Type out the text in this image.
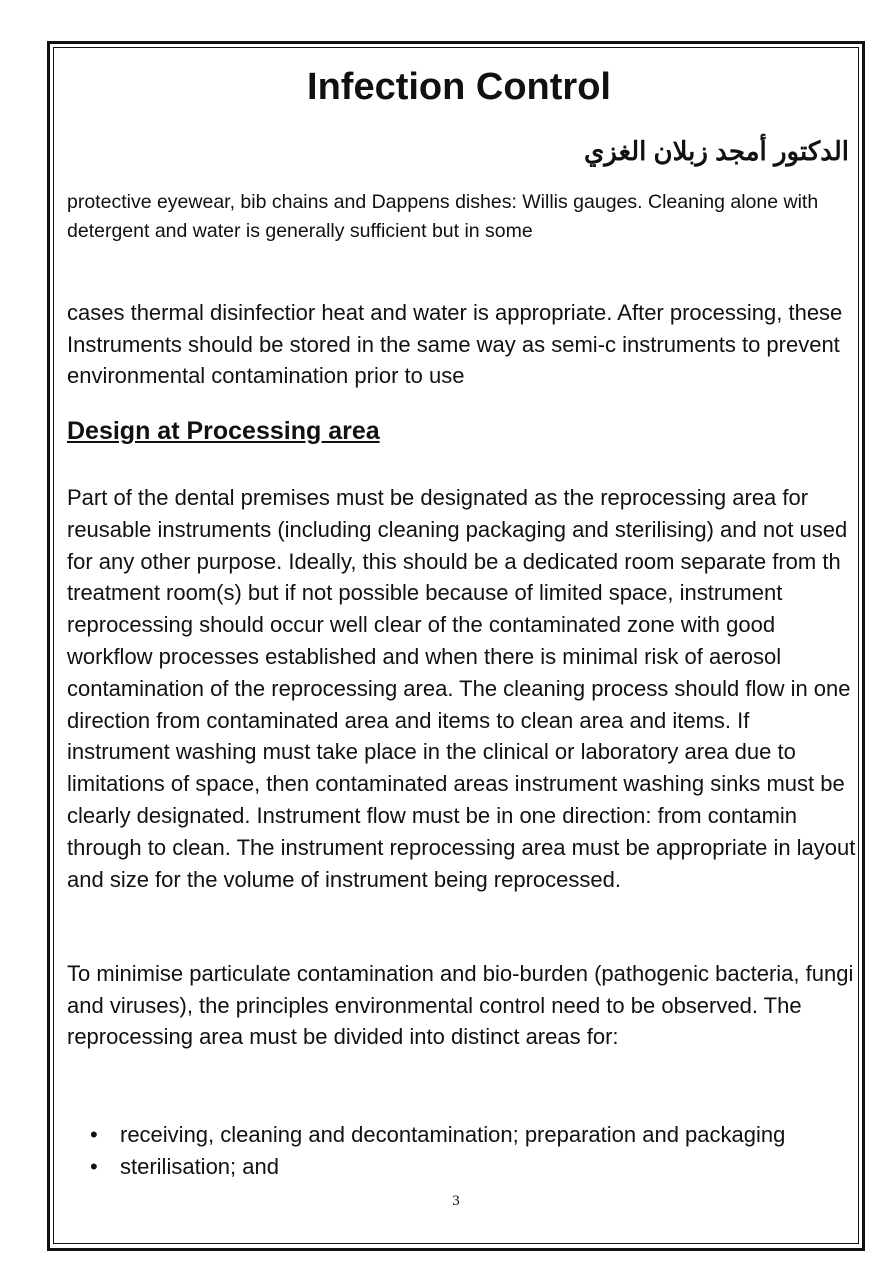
Infection Control

الدكتور أمجد زبلان الغزي

protective eyewear, bib chains and Dappens dishes: Willis gauges. Cleaning alone with detergent and water is generally sufficient but in some

cases thermal disinfectior heat and water is appropriate. After processing, these Instruments should be stored in the same way as semi-c instruments to prevent environmental contamination prior to use

Design at Processing area

Part of the dental premises must be designated as the reprocessing area for reusable instruments (including cleaning packaging and sterilising) and not used for any other purpose. Ideally, this should be a dedicated room separate from th treatment room(s) but if not possible because of limited space, instrument reprocessing should occur well clear of the contaminated zone with good workflow processes established and when there is minimal risk of aerosol contamination of the reprocessing area. The cleaning process should flow in one direction from contaminated area and items to clean area and items. If instrument washing must take place in the clinical or laboratory area due to limitations of space, then contaminated areas instrument washing sinks must be clearly designated. Instrument flow must be in one direction: from contamin through to clean. The instrument reprocessing area must be appropriate in layout and size for the volume of instrument being reprocessed.

To minimise particulate contamination and bio-burden (pathogenic bacteria, fungi and viruses), the principles environmental control need to be observed. The reprocessing area must be divided into distinct areas for:

• receiving, cleaning and decontamination; preparation and packaging
• sterilisation; and

3
